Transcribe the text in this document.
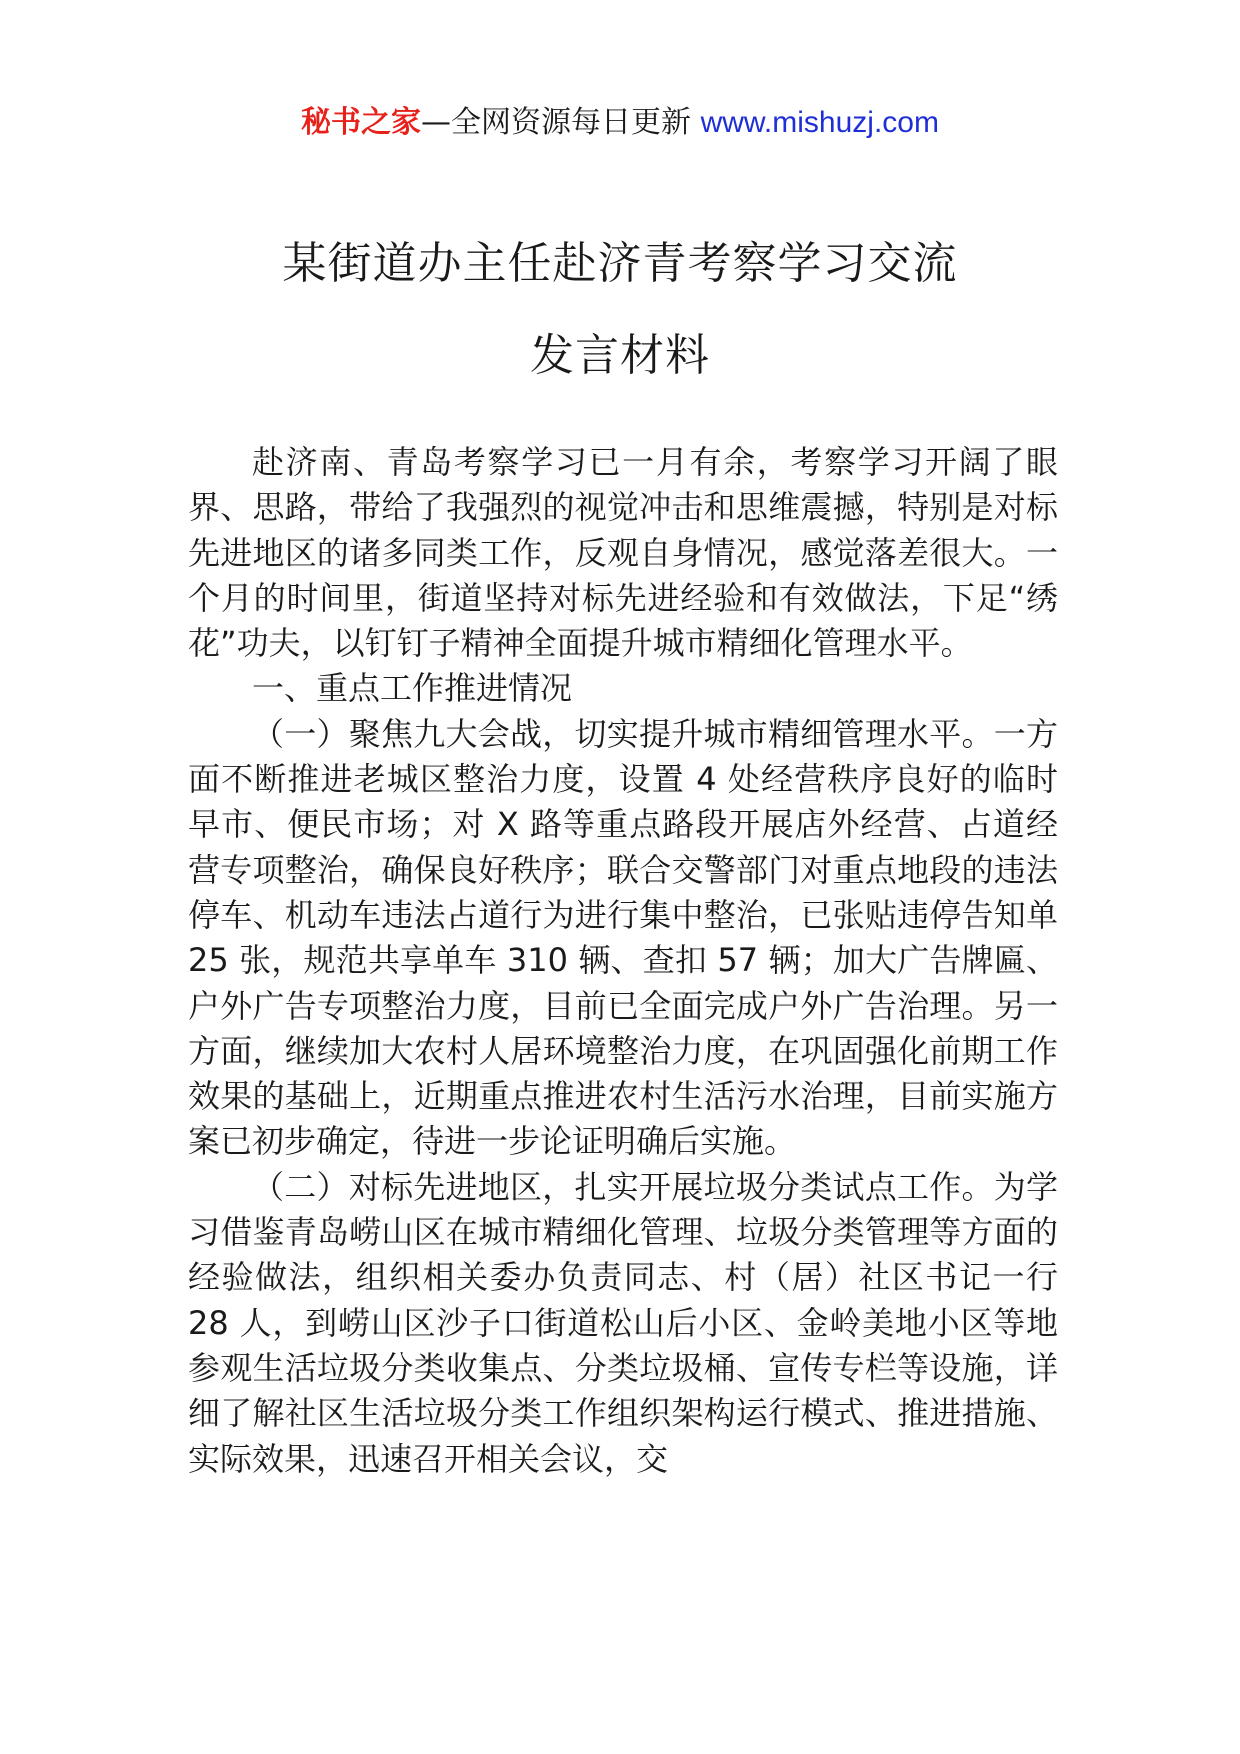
秘书之家—全网资源每日更新 www.mishuzj.com
某街道办主任赴济青考察学习交流
发言材料

赴济南、青岛考察学习已一月有余，考察学习开阔了眼界、思路，带给了我强烈的视觉冲击和思维震撼，特别是对标先进地区的诸多同类工作，反观自身情况，感觉落差很大。一个月的时间里，街道坚持对标先进经验和有效做法，下足“绣花”功夫，以钉钉子精神全面提升城市精细化管理水平。

一、重点工作推进情况

（一）聚焦九大会战，切实提升城市精细管理水平。一方面不断推进老城区整治力度，设置 4 处经营秩序良好的临时早市、便民市场；对 X 路等重点路段开展店外经营、占道经营专项整治，确保良好秩序；联合交警部门对重点地段的违法停车、机动车违法占道行为进行集中整治，已张贴违停告知单 25 张，规范共享单车 310 辆、查扣 57 辆；加大广告牌匾、户外广告专项整治力度，目前已全面完成户外广告治理。另一方面，继续加大农村人居环境整治力度，在巩固强化前期工作效果的基础上，近期重点推进农村生活污水治理，目前实施方案已初步确定，待进一步论证明确后实施。

（二）对标先进地区，扎实开展垃圾分类试点工作。为学习借鉴青岛崂山区在城市精细化管理、垃圾分类管理等方面的经验做法，组织相关委办负责同志、村（居）社区书记一行 28 人，到崂山区沙子口街道松山后小区、金岭美地小区等地参观生活垃圾分类收集点、分类垃圾桶、宣传专栏等设施，详细了解社区生活垃圾分类工作组织架构运行模式、推进措施、实际效果，迅速召开相关会议，交
